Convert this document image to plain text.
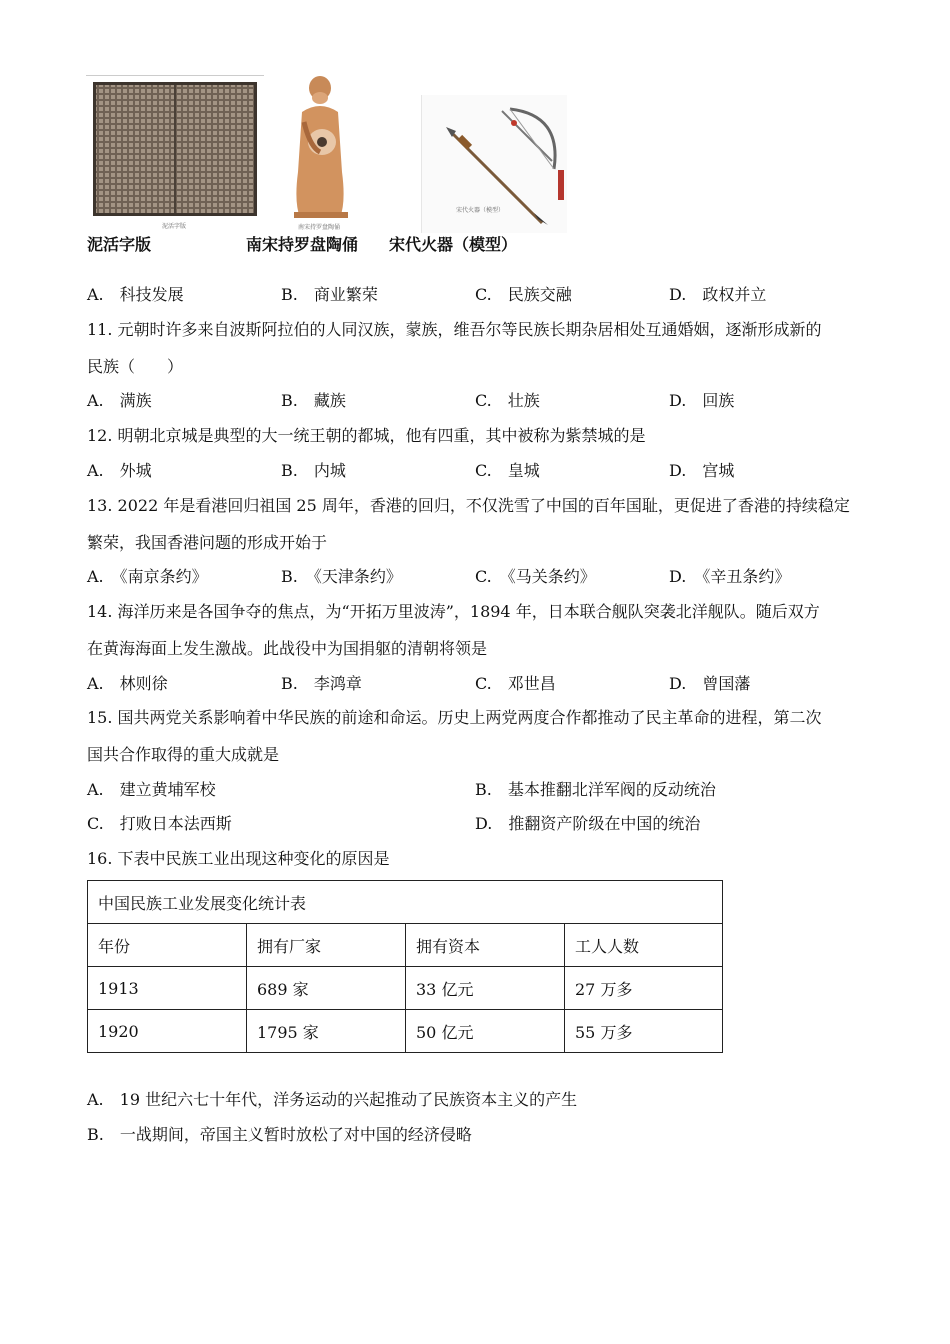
泥活字版	南宋持罗盘陶俑
宋代火器（模型）
泥活字版	南宋持罗盘陶俑 宋代火器（模型）
A.　科技发展	B.　商业繁荣	C.　民族交融	D.　政权并立
11. 元朝时许多来自波斯阿拉伯的人同汉族，蒙族，维吾尔等民族长期杂居相处互通婚姻，逐渐形成新的
民族（　　）
A.　满族	B.　藏族	C.　壮族	D.　回族
12. 明朝北京城是典型的大一统王朝的都城，他有四重，其中被称为紫禁城的是
A.　外城	B.　内城	C.　皇城	D.　宫城
13. 2022 年是看港回归祖国 25 周年，香港的回归，不仅洗雪了中国的百年国耻，更促进了香港的持续稳定
繁荣，我国香港问题的形成开始于
A.　《南京条约》	B.　《天津条约》	C.　《马关条约》	D.　《辛丑条约》
14. 海洋历来是各国争夺的焦点，为“开拓万里波涛”，1894 年，日本联合舰队突袭北洋舰队。随后双方
在黄海海面上发生激战。此战役中为国捐躯的清朝将领是
A.　林则徐	B.　李鸿章	C.　邓世昌	D.　曾国藩
15. 国共两党关系影响着中华民族的前途和命运。历史上两党两度合作都推动了民主革命的进程，第二次
国共合作取得的重大成就是
A.　建立黄埔军校	B.　基本推翻北洋军阀的反动统治
C.　打败日本法西斯	D.　推翻资产阶级在中国的统治
16. 下表中民族工业出现这种变化的原因是
中国民族工业发展变化统计表			
年份	拥有厂家	拥有资本	工人人数
1913	689 家	33 亿元	27 万多
1920	1795 家	50 亿元	55 万多
A.　19 世纪六七十年代，洋务运动的兴起推动了民族资本主义的产生
B.　一战期间，帝国主义暂时放松了对中国的经济侵略
